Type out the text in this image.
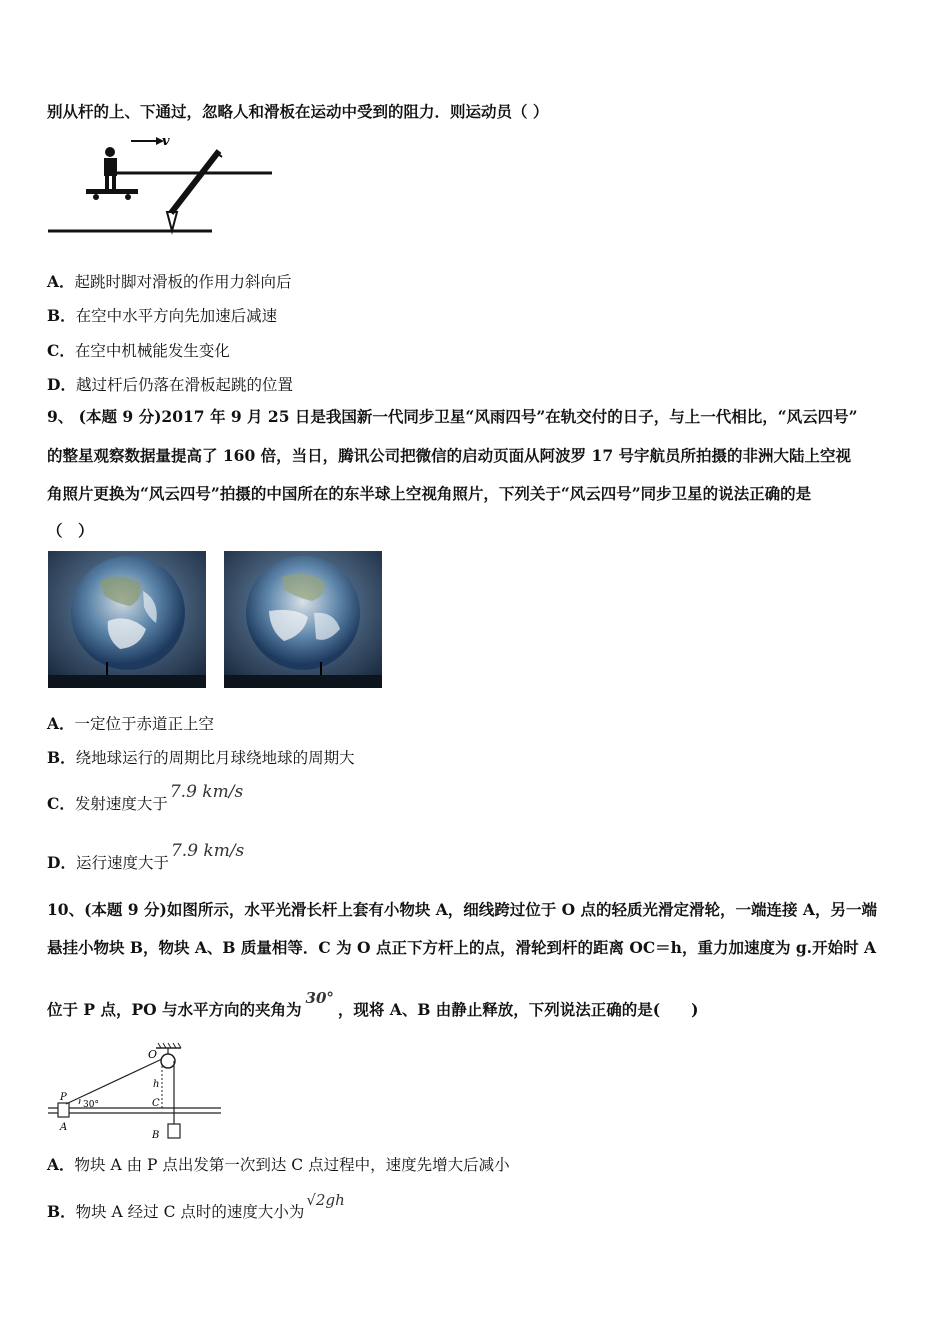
别从杆的上、下通过，忽略人和滑板在运动中受到的阻力．则运动员（ ）
v
A．起跳时脚对滑板的作用力斜向后
B．在空中水平方向先加速后减速
C．在空中机械能发生变化
D．越过杆后仍落在滑板起跳的位置
9、 (本题 9 分)2017 年 9 月 25 日是我国新一代同步卫星“风雨四号”在轨交付的日子，与上一代相比，“风云四号”
的整星观察数据量提高了 160 倍，当日，腾讯公司把微信的启动页面从阿波罗 17 号宇航员所拍摄的非洲大陆上空视
角照片更换为“风云四号”拍摄的中国所在的东半球上空视角照片，下列关于“风云四号”同步卫星的说法正确的是
（　）
A．一定位于赤道正上空
B．绕地球运行的周期比月球绕地球的周期大
C．发射速度大于7.9 km/s
D．运行速度大于7.9 km/s
10、(本题 9 分)如图所示，水平光滑长杆上套有小物块 A，细线跨过位于 O 点的轻质光滑定滑轮，一端连接 A，另一端
悬挂小物块 B，物块 A、B 质量相等．C 为 O 点正下方杆上的点，滑轮到杆的距离 OC＝h，重力加速度为 g.开始时 A
位于 P 点，PO 与水平方向的夹角为30°，现将 A、B 由静止释放，下列说法正确的是(　　)
O
P
30°
h
C
A
B
A．物块 A 由 P 点出发第一次到达 C 点过程中，速度先增大后减小
B．物块 A 经过 C 点时的速度大小为√2gh
